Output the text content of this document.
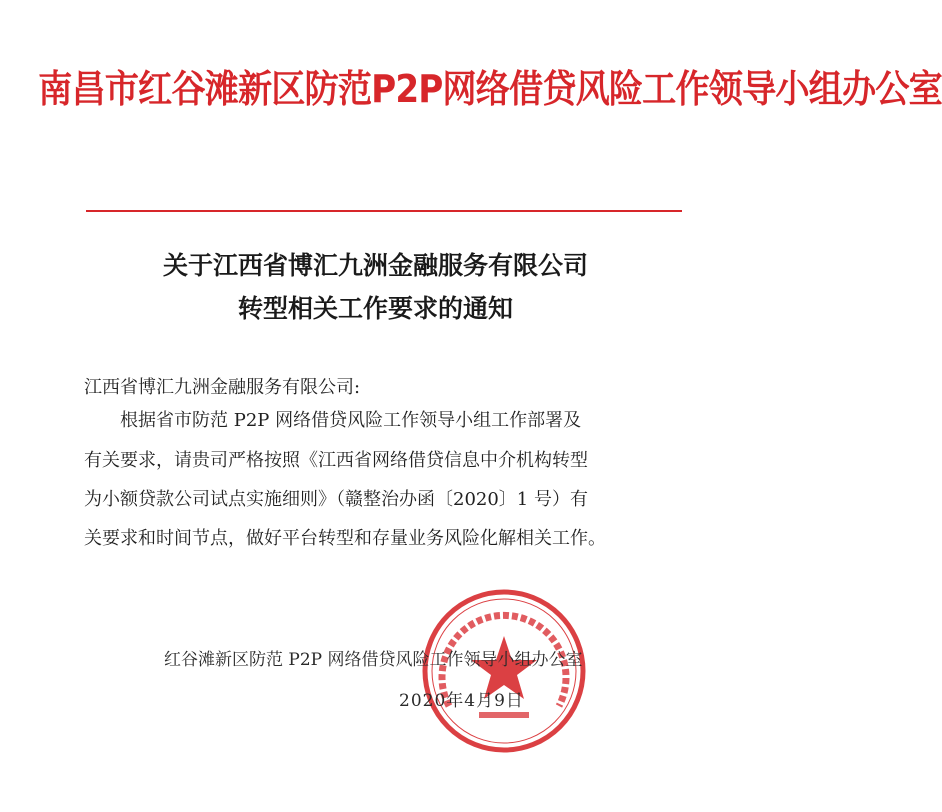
南昌市红谷滩新区防范P2P网络借贷风险工作领导小组办公室
关于江西省博汇九洲金融服务有限公司
转型相关工作要求的通知
江西省博汇九洲金融服务有限公司:
根据省市防范 P2P 网络借贷风险工作领导小组工作部署及
有关要求，请贵司严格按照《江西省网络借贷信息中介机构转型
为小额贷款公司试点实施细则》（赣整治办函〔2020〕1 号）有
关要求和时间节点，做好平台转型和存量业务风险化解相关工作。
红谷滩新区防范 P2P 网络借贷风险工作领导小组办公室
2020年4月9日
